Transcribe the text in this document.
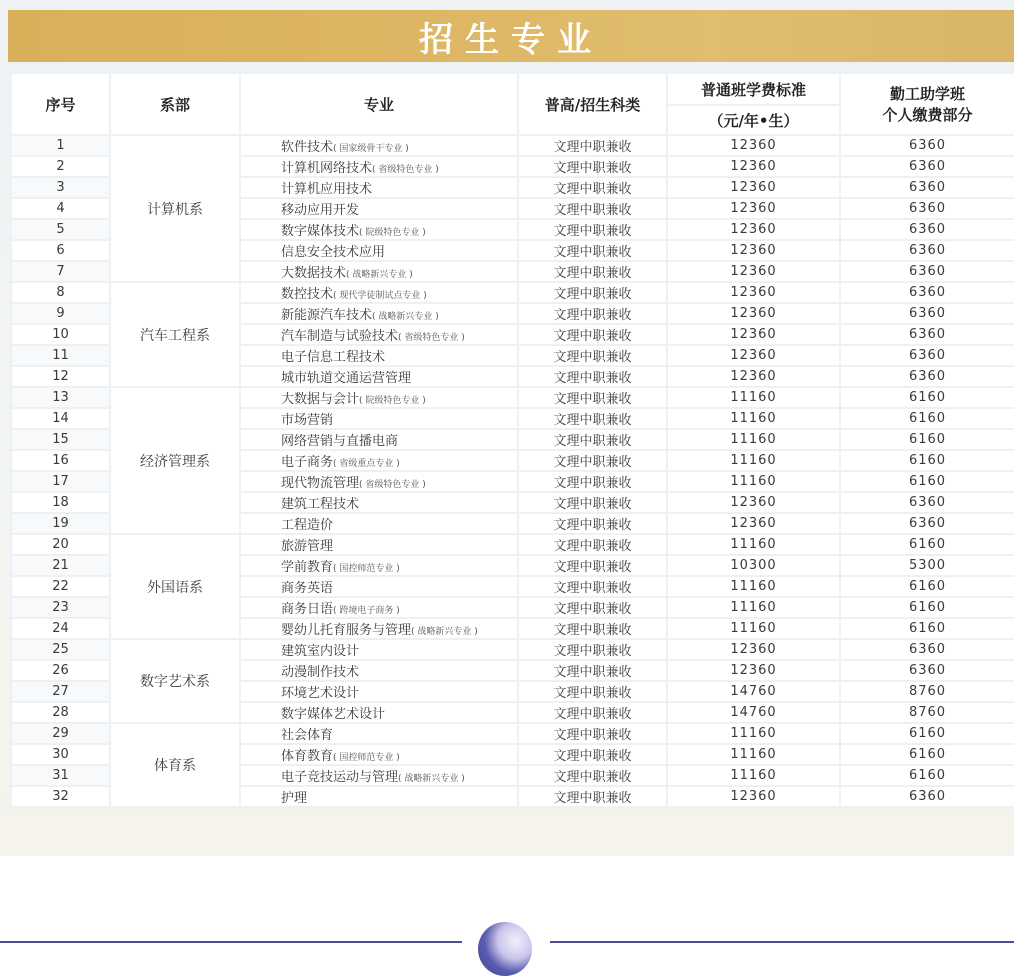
招生专业
序号	系部	专业	普高/招生科类	普通班学费标准	勤工助学班
个人缴费部分

				（元/年•生）	
1	计算机系	软件技术( 国家级骨干专业 )	文理中职兼收	12360	6360
2		计算机网络技术( 省级特色专业 )	文理中职兼收	12360	6360
3		计算机应用技术	文理中职兼收	12360	6360
4		移动应用开发	文理中职兼收	12360	6360
5		数字媒体技术( 院级特色专业 )	文理中职兼收	12360	6360
6		信息安全技术应用	文理中职兼收	12360	6360
7		大数据技术( 战略新兴专业 )	文理中职兼收	12360	6360
8	汽车工程系	数控技术( 现代学徒制试点专业 )	文理中职兼收	12360	6360
9		新能源汽车技术( 战略新兴专业 )	文理中职兼收	12360	6360
10		汽车制造与试验技术( 省级特色专业 )	文理中职兼收	12360	6360
11		电子信息工程技术	文理中职兼收	12360	6360
12		城市轨道交通运营管理	文理中职兼收	12360	6360
13	经济管理系	大数据与会计( 院级特色专业 )	文理中职兼收	11160	6160
14		市场营销	文理中职兼收	11160	6160
15		网络营销与直播电商	文理中职兼收	11160	6160
16		电子商务( 省级重点专业 )	文理中职兼收	11160	6160
17		现代物流管理( 省级特色专业 )	文理中职兼收	11160	6160
18		建筑工程技术	文理中职兼收	12360	6360
19		工程造价	文理中职兼收	12360	6360
20	外国语系	旅游管理	文理中职兼收	11160	6160
21		学前教育( 国控师范专业 )	文理中职兼收	10300	5300
22		商务英语	文理中职兼收	11160	6160
23		商务日语( 跨境电子商务 )	文理中职兼收	11160	6160
24		婴幼儿托育服务与管理( 战略新兴专业 )	文理中职兼收	11160	6160
25	数字艺术系	建筑室内设计	文理中职兼收	12360	6360
26		动漫制作技术	文理中职兼收	12360	6360
27		环境艺术设计	文理中职兼收	14760	8760
28		数字媒体艺术设计	文理中职兼收	14760	8760
29	体育系	社会体育	文理中职兼收	11160	6160
30		体育教育( 国控师范专业 )	文理中职兼收	11160	6160
31		电子竞技运动与管理( 战略新兴专业 )	文理中职兼收	11160	6160
32		护理	文理中职兼收	12360	6360
